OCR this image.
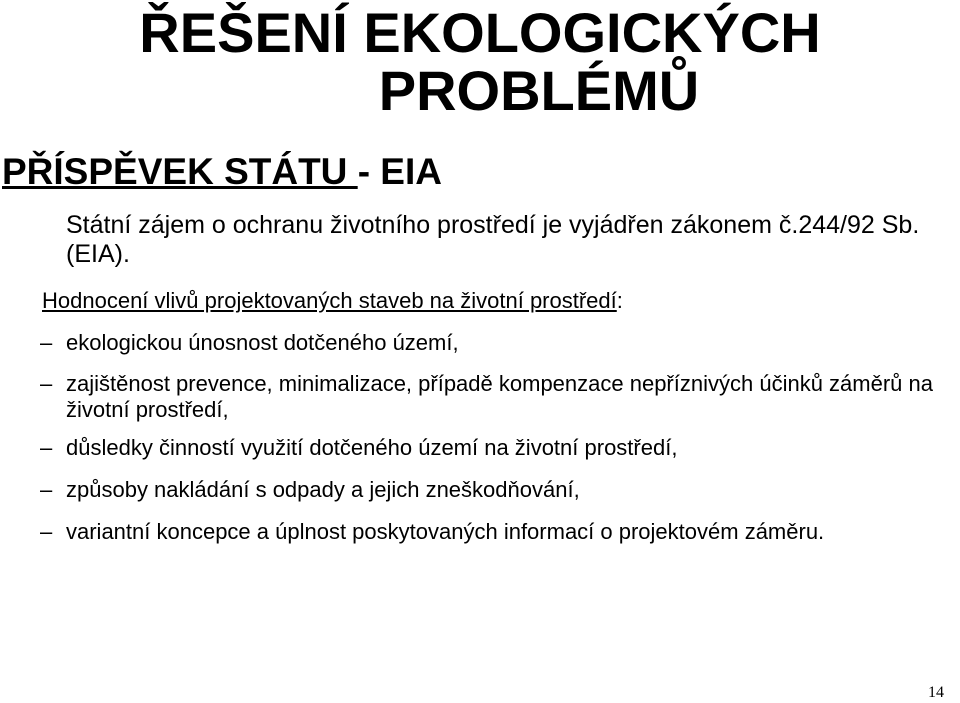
ŘEŠENÍ EKOLOGICKÝCH
PROBLÉMŮ
PŘÍSPĚVEK STÁTU - EIA

Státní zájem o ochranu životního prostředí je vyjádřen zákonem č.244/92 Sb. (EIA).

Hodnocení vlivů projektovaných staveb na životní prostředí:

– ekologickou únosnost dotčeného území,
– zajištěnost prevence, minimalizace, případě kompenzace nepříznivých účinků záměrů na životní prostředí,
– důsledky činností využití dotčeného území na životní prostředí,
– způsoby nakládání s odpady a jejich zneškodňování,
– variantní koncepce a úplnost poskytovaných informací o projektovém záměru.
14
